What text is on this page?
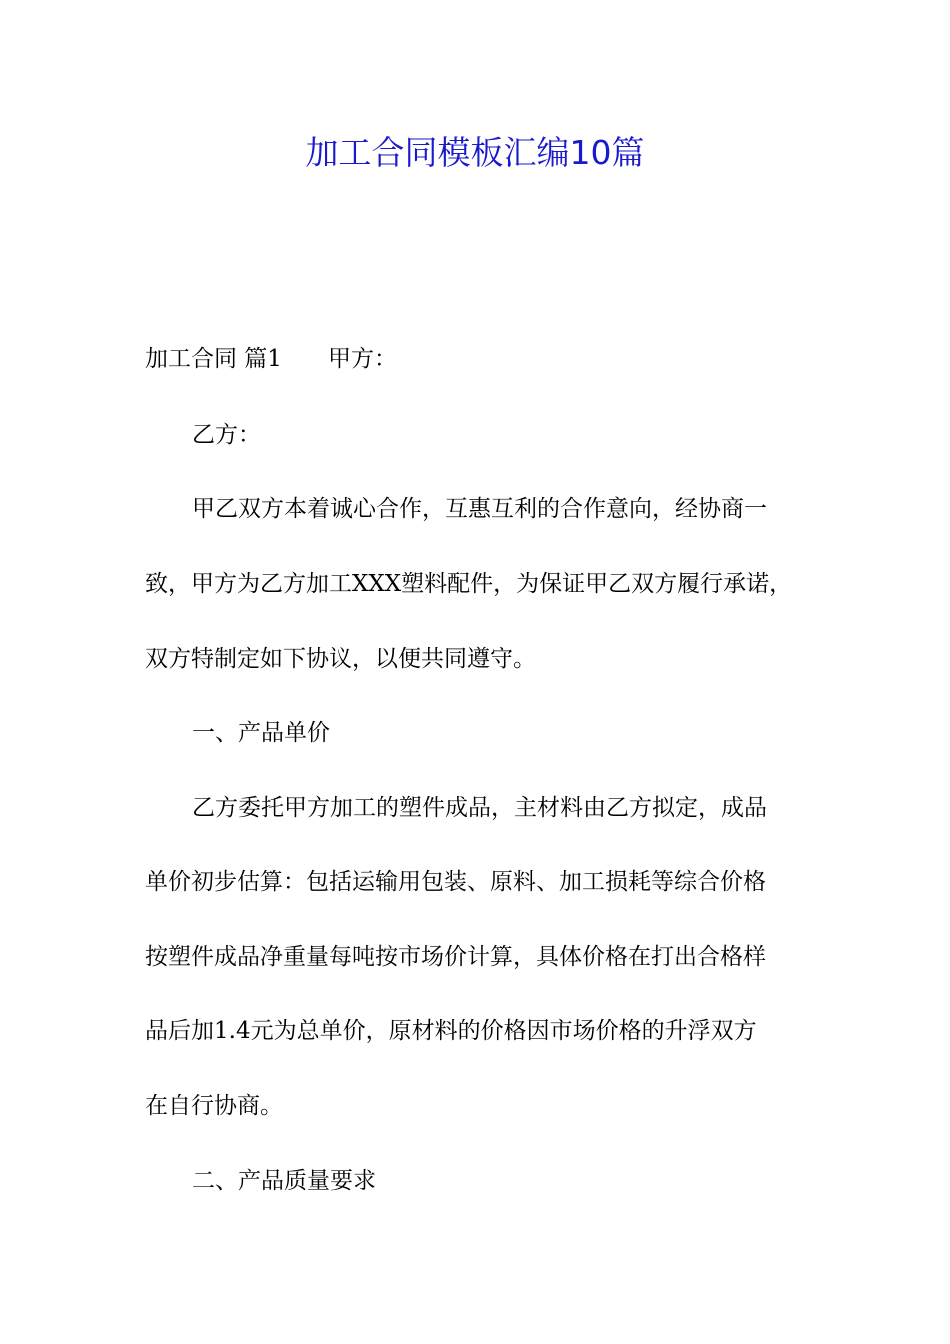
加工合同模板汇编10篇

加工合同 篇1 甲方：

乙方：

甲乙双方本着诚心合作，互惠互利的合作意向，经协商一

致，甲方为乙方加工XXX塑料配件，为保证甲乙双方履行承诺，

双方特制定如下协议，以便共同遵守。

一、产品单价

乙方委托甲方加工的塑件成品，主材料由乙方拟定，成品

单价初步估算：包括运输用包装、原料、加工损耗等综合价格

按塑件成品净重量每吨按市场价计算，具体价格在打出合格样

品后加1.4元为总单价，原材料的价格因市场价格的升浮双方

在自行协商。

二、产品质量要求
